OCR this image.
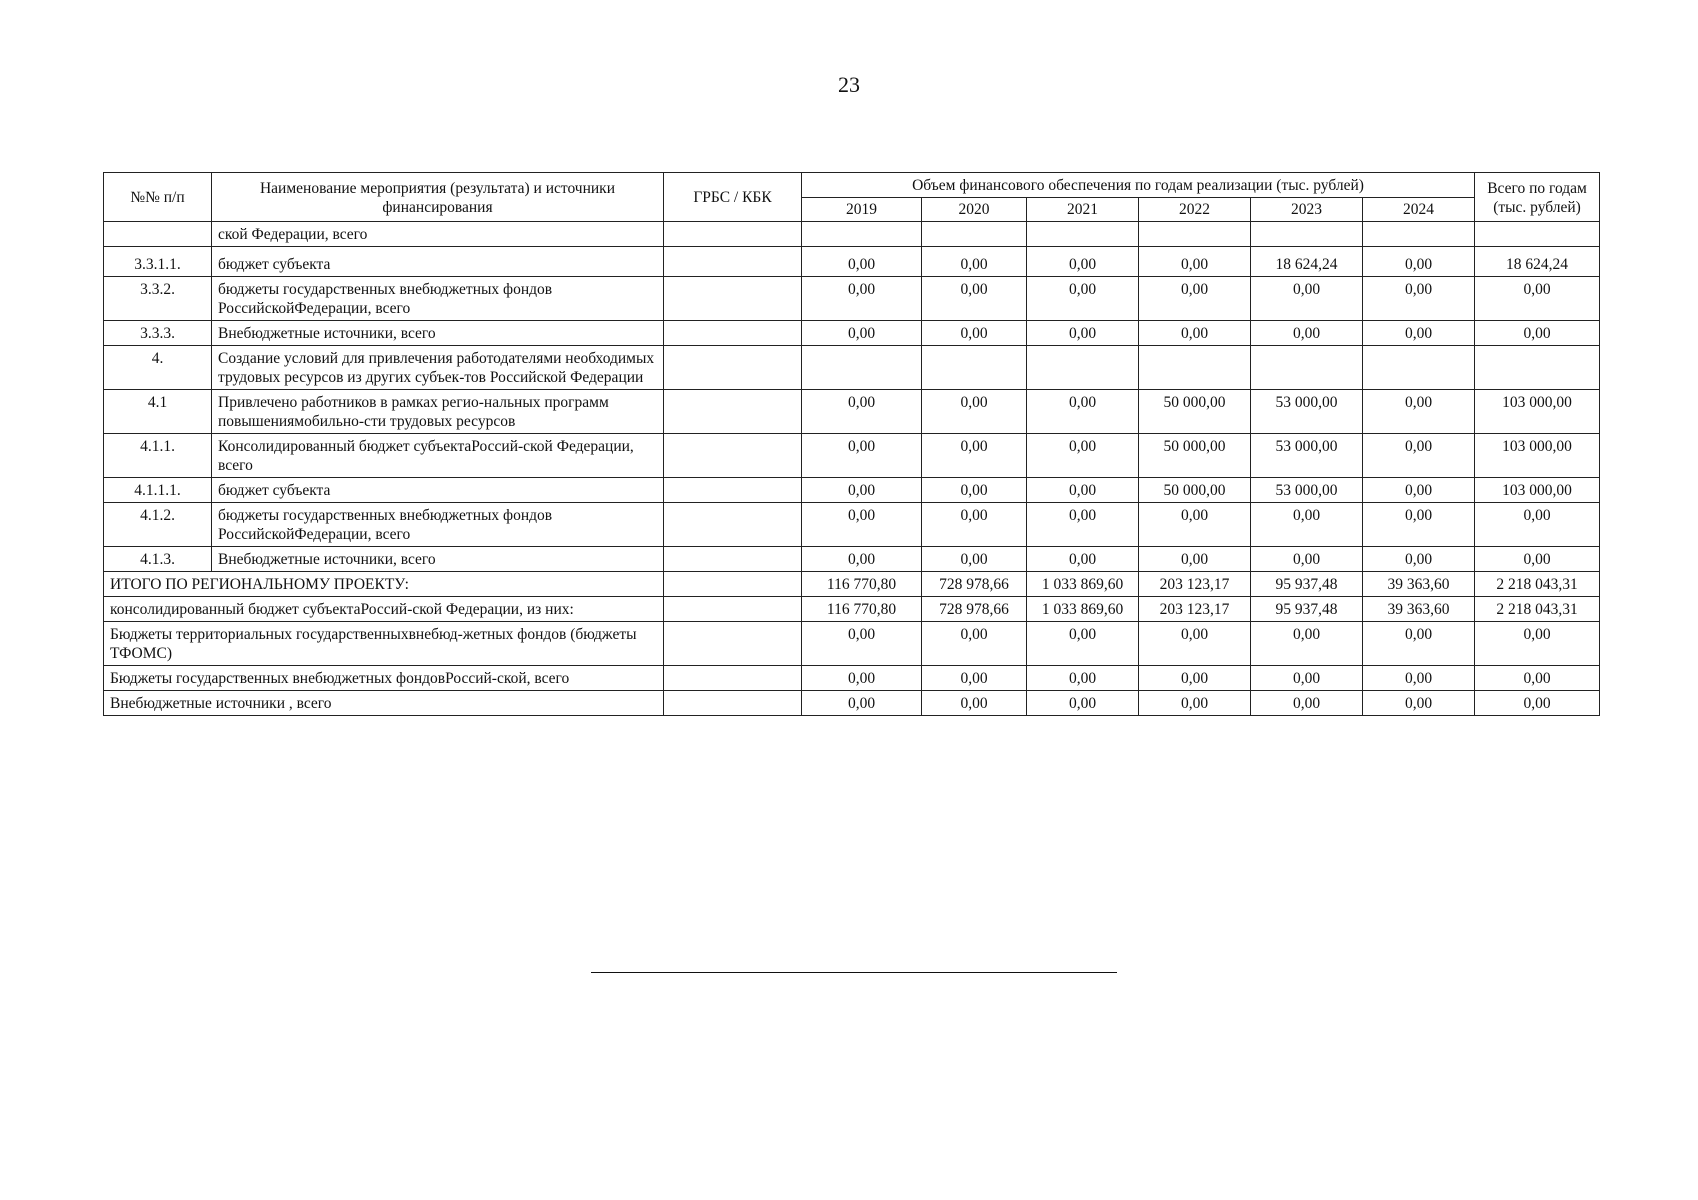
23
№№ п/п	Наименование мероприятия (результата) и источники финансирования	ГРБС / КБК	Объем финансового обеспечения по годам реализации (тыс. рублей)						Всего по годам (тыс. рублей)
			2019	2020	2021	2022	2023	2024	
	ской Федерации, всего								
3.3.1.1.	бюджет субъекта		0,00	0,00	0,00	0,00	18 624,24	0,00	18 624,24
3.3.2.	бюджеты государственных внебюджетных фондов РоссийскойФедерации, всего		0,00	0,00	0,00	0,00	0,00	0,00	0,00
3.3.3.	Внебюджетные источники, всего		0,00	0,00	0,00	0,00	0,00	0,00	0,00
4.	Создание условий для привлечения работодателями необходимых трудовых ресурсов из других субъек-тов Российской Федерации								
4.1	Привлечено работников в рамках регио-нальных программ повышениямобильно-сти трудовых ресурсов		0,00	0,00	0,00	50 000,00	53 000,00	0,00	103 000,00
4.1.1.	Консолидированный бюджет субъектаРоссий-ской Федерации, всего		0,00	0,00	0,00	50 000,00	53 000,00	0,00	103 000,00
4.1.1.1.	бюджет субъекта		0,00	0,00	0,00	50 000,00	53 000,00	0,00	103 000,00
4.1.2.	бюджеты государственных внебюджетных фондов РоссийскойФедерации, всего		0,00	0,00	0,00	0,00	0,00	0,00	0,00
4.1.3.	Внебюджетные источники, всего		0,00	0,00	0,00	0,00	0,00	0,00	0,00
ИТОГО ПО РЕГИОНАЛЬНОМУ ПРОЕКТУ:			116 770,80	728 978,66	1 033 869,60	203 123,17	95 937,48	39 363,60	2 218 043,31
консолидированный бюджет субъектаРоссий-ской Федерации, из них:			116 770,80	728 978,66	1 033 869,60	203 123,17	95 937,48	39 363,60	2 218 043,31
Бюджеты территориальных государственныхвнебюд-жетных фондов (бюджеты ТФОМС)			0,00	0,00	0,00	0,00	0,00	0,00	0,00
Бюджеты государственных внебюджетных фондовРоссий-ской, всего			0,00	0,00	0,00	0,00	0,00	0,00	0,00
Внебюджетные источники , всего			0,00	0,00	0,00	0,00	0,00	0,00	0,00
